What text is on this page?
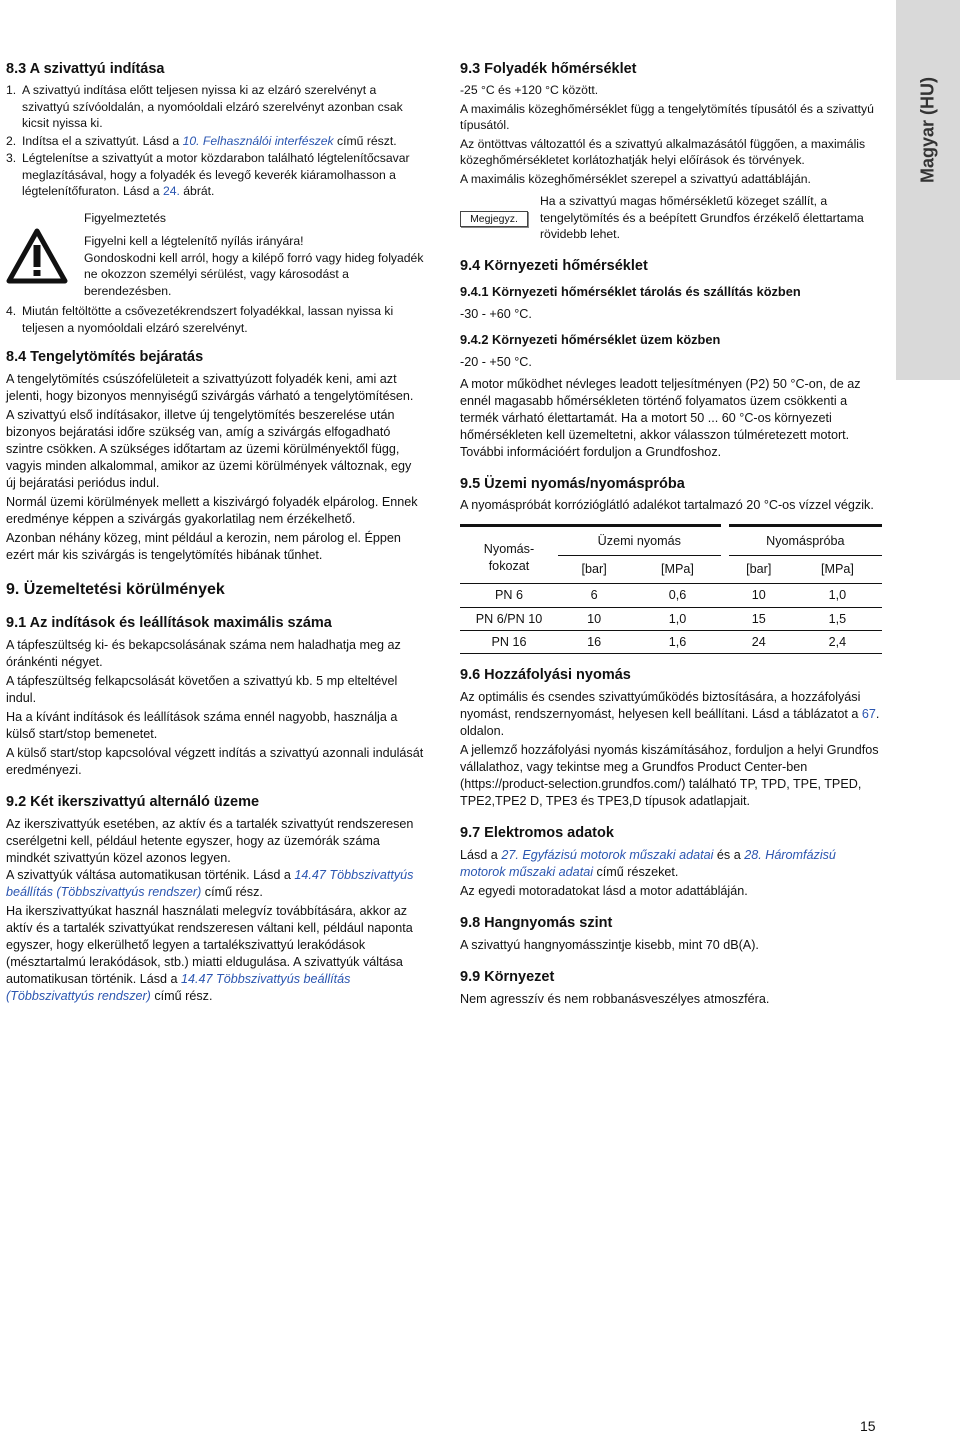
Magyar (HU)
8.3 A szivattyú indítása

1. A szivattyú indítása előtt teljesen nyissa ki az elzáró szerelvényt a szivattyú szívóoldalán, a nyomóoldali elzáró szerelvényt azonban csak kicsit nyissa ki.

2. Indítsa el a szivattyút. Lásd a 10. Felhasználói interfészek című részt.

3. Légtelenítse a szivattyút a motor közdarabon található légtelenítőcsavar meglazításával, hogy a folyadék és levegő keverék kiáramolhasson a légtelenítőfuraton. Lásd a 24. ábrát.

Figyelmeztetés

Figyelni kell a légtelenítő nyílás irányára!

Gondoskodni kell arról, hogy a kilépő forró vagy hideg folyadék ne okozzon személyi sérülést, vagy károsodást a berendezésben.

4. Miután feltöltötte a csővezetékrendszert folyadékkal, lassan nyissa ki teljesen a nyomóoldali elzáró szerelvényt.

8.4 Tengelytömítés bejáratás

A tengelytömítés csúszófelületeit a szivattyúzott folyadék keni, ami azt jelenti, hogy bizonyos mennyiségű szivárgás várható a tengelytömítésen.

A szivattyú első indításakor, illetve új tengelytömítés beszerelése után bizonyos bejáratási időre szükség van, amíg a szivárgás elfogadható szintre csökken. A szükséges időtartam az üzemi körülményektől függ, vagyis minden alkalommal, amikor az üzemi körülmények változnak, egy új bejáratási periódus indul.

Normál üzemi körülmények mellett a kiszivárgó folyadék elpárolog. Ennek eredménye képpen a szivárgás gyakorlatilag nem érzékelhető.

Azonban néhány közeg, mint például a kerozin, nem párolog el. Éppen ezért már kis szivárgás is tengelytömítés hibának tűnhet.

9. Üzemeltetési körülmények
9.1 Az indítások és leállítások maximális száma

A tápfeszültség ki- és bekapcsolásának száma nem haladhatja meg az óránkénti négyet.

A tápfeszültség felkapcsolását követően a szivattyú kb. 5 mp elteltével indul.

Ha a kívánt indítások és leállítások száma ennél nagyobb, használja a külső start/stop bemenetet.

A külső start/stop kapcsolóval végzett indítás a szivattyú azonnali indulását eredményezi.

9.2 Két ikerszivattyú alternáló üzeme

Az ikerszivattyúk esetében, az aktív és a tartalék szivattyút rendszeresen cserélgetni kell, például hetente egyszer, hogy az üzemórák száma mindkét szivattyún közel azonos legyen.

A szivattyúk váltása automatikusan történik. Lásd a 14.47 Többszivattyús beállítás (Többszivattyús rendszer) című rész.

Ha ikerszivattyúkat használ használati melegvíz továbbítására, akkor az aktív és a tartalék szivattyúkat rendszeresen váltani kell, például naponta egyszer, hogy elkerülhető legyen a tartalékszivattyú lerakódások (mésztartalmú lerakódások, stb.) miatti eldugulása. A szivattyúk váltása automatikusan történik. Lásd a 14.47 Többszivattyús beállítás (Többszivattyús rendszer) című rész.

9.3 Folyadék hőmérséklet

-25 °C és +120 °C között.

A maximális közeghőmérséklet függ a tengelytömítés típusától és a szivattyú típusától.

Az öntöttvas változattól és a szivattyú alkalmazásától függően, a maximális közeghőmérsékletet korlátozhatják helyi előírások és törvények.

A maximális közeghőmérséklet szerepel a szivattyú adattábláján.

Megjegyz.

Ha a szivattyú magas hőmérsékletű közeget szállít, a tengelytömítés és a beépített Grundfos érzékelő élettartama rövidebb lehet.

9.4 Környezeti hőmérséklet
9.4.1 Környezeti hőmérséklet tárolás és szállítás közben

-30 - +60 °C.

9.4.2 Környezeti hőmérséklet üzem közben

-20 - +50 °C.

A motor működhet névleges leadott teljesítményen (P2) 50 °C-on, de az ennél magasabb hőmérsékleten történő folyamatos üzem csökkenti a termék várható élettartamát. Ha a motort 50 ... 60 °C-os környezeti hőmérsékleten kell üzemeltetni, akkor válasszon túlméretezett motort. További információért forduljon a Grundfoshoz.

9.5 Üzemi nyomás/nyomáspróba

A nyomáspróbát korrózióglátló adalékot tartalmazó 20 °C-os vízzel végzik.

Nyomás-
fokozat	Üzemi nyomás		Nyomáspróba	
	[bar]	[MPa]	[bar]	[MPa]
PN 6	6	0,6	10	1,0
PN 6/PN 10	10	1,0	15	1,5
PN 16	16	1,6	24	2,4
9.6 Hozzáfolyási nyomás

Az optimális és csendes szivattyúműködés biztosítására, a hozzáfolyási nyomást, rendszernyomást, helyesen kell beállítani. Lásd a táblázatot a 67. oldalon.

A jellemző hozzáfolyási nyomás kiszámításához, forduljon a helyi Grundfos vállalathoz, vagy tekintse meg a Grundfos Product Center-ben (https://product-selection.grundfos.com/) található TP, TPD, TPE, TPED, TPE2,TPE2 D, TPE3 és TPE3,D típusok adatlapjait.

9.7 Elektromos adatok

Lásd a 27. Egyfázisú motorok műszaki adatai és a 28. Háromfázisú motorok műszaki adatai című részeket.

Az egyedi motoradatokat lásd a motor adattábláján.

9.8 Hangnyomás szint

A szivattyú hangnyomásszintje kisebb, mint 70 dB(A).

9.9 Környezet

Nem agresszív és nem robbanásveszélyes atmoszféra.

15
